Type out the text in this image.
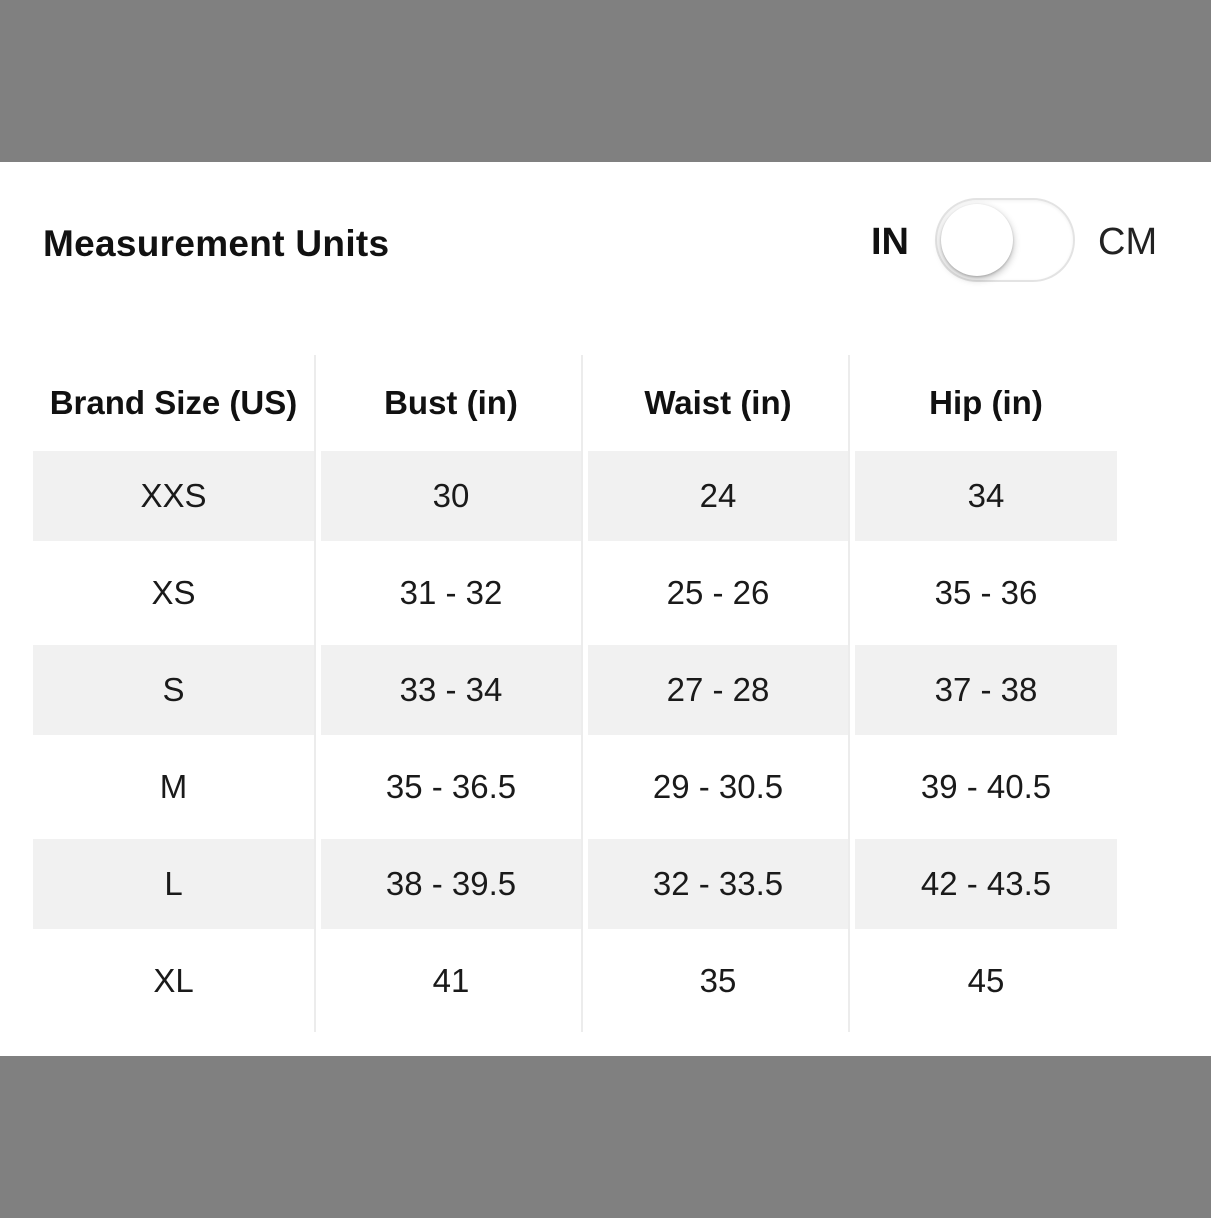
Measurement Units	IN	CM
Brand Size (US)	Bust (in)	Waist (in)	Hip (in)
XXS	30	24	34
XS	31 - 32	25 - 26	35 - 36
S	33 - 34	27 - 28	37 - 38
M	35 - 36.5	29 - 30.5	39 - 40.5
L	38 - 39.5	32 - 33.5	42 - 43.5
XL	41	35	45
